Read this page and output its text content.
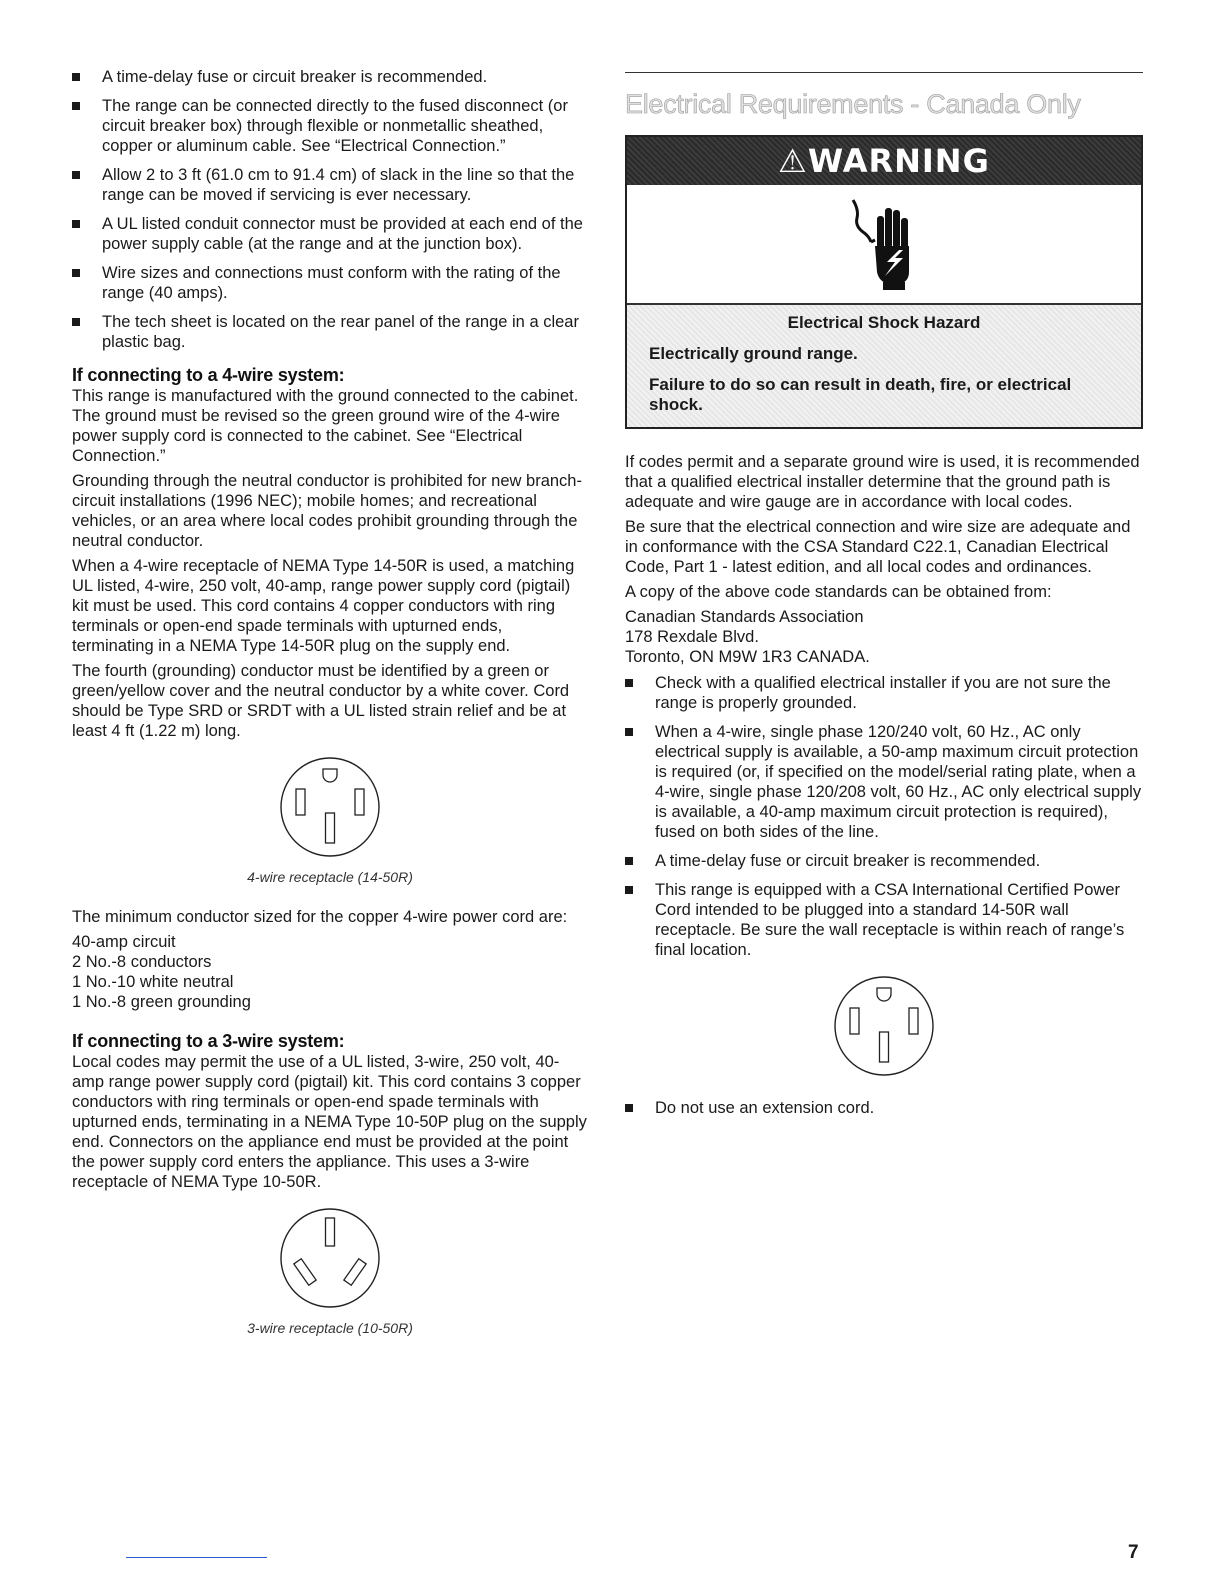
A time-delay fuse or circuit breaker is recommended.
The range can be connected directly to the fused disconnect (or circuit breaker box) through flexible or nonmetallic sheathed, copper or aluminum cable. See “Electrical Connection.”
Allow 2 to 3 ft (61.0 cm to 91.4 cm) of slack in the line so that the range can be moved if servicing is ever necessary.
A UL listed conduit connector must be provided at each end of the power supply cable (at the range and at the junction box).
Wire sizes and connections must conform with the rating of the range (40 amps).
The tech sheet is located on the rear panel of the range in a clear plastic bag.
If connecting to a 4-wire system:

This range is manufactured with the ground connected to the cabinet. The ground must be revised so the green ground wire of the 4-wire power supply cord is connected to the cabinet. See “Electrical Connection.”

Grounding through the neutral conductor is prohibited for new branch-circuit installations (1996 NEC); mobile homes; and recreational vehicles, or an area where local codes prohibit grounding through the neutral conductor.

When a 4-wire receptacle of NEMA Type 14-50R is used, a matching UL listed, 4-wire, 250 volt, 40-amp, range power supply cord (pigtail) kit must be used. This cord contains 4 copper conductors with ring terminals or open-end spade terminals with upturned ends, terminating in a NEMA Type 14-50R plug on the supply end.

The fourth (grounding) conductor must be identified by a green or green/yellow cover and the neutral conductor by a white cover. Cord should be Type SRD or SRDT with a UL listed strain relief and be at least 4 ft (1.22 m) long.

4-wire receptacle (14-50R)

The minimum conductor sized for the copper 4-wire power cord are:

40-amp circuit
2 No.-8 conductors
1 No.-10 white neutral
1 No.-8 green grounding
If connecting to a 3-wire system:

Local codes may permit the use of a UL listed, 3-wire, 250 volt, 40-amp range power supply cord (pigtail) kit. This cord contains 3 copper conductors with ring terminals or open-end spade terminals with upturned ends, terminating in a NEMA Type 10-50P plug on the supply end. Connectors on the appliance end must be provided at the point the power supply cord enters the appliance. This uses a 3-wire receptacle of NEMA Type 10-50R.

3-wire receptacle (10-50R)
Electrical Requirements - Canada Only
⚠WARNING
Electrical Shock Hazard

Electrically ground range.

Failure to do so can result in death, fire, or electrical shock.

If codes permit and a separate ground wire is used, it is recommended that a qualified electrical installer determine that the ground path is adequate and wire gauge are in accordance with local codes.

Be sure that the electrical connection and wire size are adequate and in conformance with the CSA Standard C22.1, Canadian Electrical Code, Part 1 - latest edition, and all local codes and ordinances.

A copy of the above code standards can be obtained from:

Canadian Standards Association
178 Rexdale Blvd.
Toronto, ON M9W 1R3 CANADA.
Check with a qualified electrical installer if you are not sure the range is properly grounded.
When a 4-wire, single phase 120/240 volt, 60 Hz., AC only electrical supply is available, a 50-amp maximum circuit protection is required (or, if specified on the model/serial rating plate, when a 4-wire, single phase 120/208 volt, 60 Hz., AC only electrical supply is available, a 40-amp maximum circuit protection is required), fused on both sides of the line.
A time-delay fuse or circuit breaker is recommended.
This range is equipped with a CSA International Certified Power Cord intended to be plugged into a standard 14-50R wall receptacle. Be sure the wall receptacle is within reach of range’s final location.
Do not use an extension cord.
7
